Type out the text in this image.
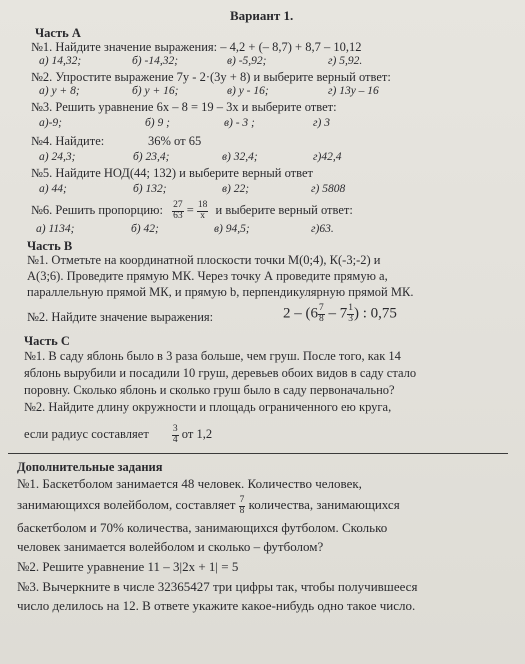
Вариант 1.
Часть А
№1. Найдите значение выражения: – 4,2 + (– 8,7) + 8,7 – 10,12
а) 14,32;	б) -14,32;	в) -5,92;	г) 5,92.
№2. Упростите выражение 7у - 2·(3у + 8) и выберите верный ответ:
а) у + 8;	б) у + 16;	в) у - 16;	г) 13у – 16
№3. Решить уравнение 6х – 8 = 19 – 3х и выберите ответ:
а)-9;	б) 9 ;	в) - 3 ;	г) 3
№4. Найдите:	36% от 65
а) 24,3;	б) 23,4;	в) 32,4;	г)42,4
№5. Найдите НОД(44; 132) и выберите верный ответ
а) 44;	б) 132;	в) 22;	г) 5808
№6. Решить пропорцию: $\frac{27}{63} = \frac{18}{x}$ и выберите верный ответ:
а) 1134;	б) 42;	в) 94,5;	г)63.
Часть В
№1. Отметьте на координатной плоскости точки М(0;4), К(-3;-2) и
А(3;6). Проведите прямую МК. Через точку А проведите прямую а,
параллельную прямой МК, и прямую b, перпендикулярную прямой МК.
№2. Найдите значение выражения:	$2 - (6 \frac{7}{8} - 7 \frac{1}{3}$ ) : 0,75
Часть С
№1. В саду яблонь было в 3 раза больше, чем груш. После того, как 14
яблонь вырубили и посадили 10 груш, деревьев обоих видов в саду стало
поровну. Сколько яблонь и сколько груш было в саду первоначально?
№2. Найдите длину окружности и площадь ограниченного ею круга,
если радиус составляет $\frac{3}{4}$ от 1,2
Дополнительные задания
№1. Баскетболом занимается 48 человек. Количество человек,
занимающихся волейболом, составляет $\frac{7}{8}$ количества, занимающихся
баскетболом и 70% количества, занимающихся футболом. Сколько
человек занимается волейболом и сколько – футболом?
№2. Решите уравнение 11 – 3|2x + 1| = 5
№3. Вычеркните в числе 32365427 три цифры так, чтобы получившееся
число делилось на 12. В ответе укажите какое-нибудь одно такое число.
